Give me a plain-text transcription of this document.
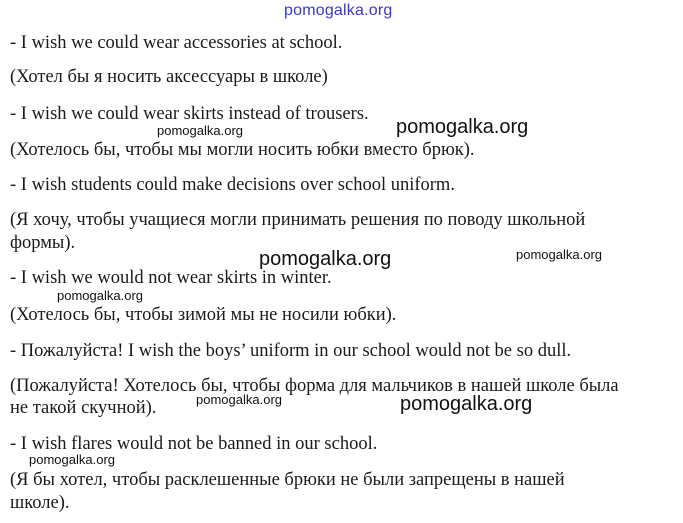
pomogalka.org
pomogalka.org	pomogalka.org
pomogalka.org	pomogalka.org
pomogalka.org
pomogalka.org	pomogalka.org
pomogalka.org
- I wish we could wear accessories at school.
(Хотел бы я носить аксессуары в школе)
- I wish we could wear skirts instead of trousers.
(Хотелось бы, чтобы мы могли носить юбки вместо брюк).
- I wish students could make decisions over school uniform.
(Я хочу, чтобы учащиеся могли принимать решения по поводу школьной
формы).
- I wish we would not wear skirts in winter.
(Хотелось бы, чтобы зимой мы не носили юбки).
- Пожалуйста! I wish the boys’ uniform in our school would not be so dull.
(Пожалуйста! Хотелось бы, чтобы форма для мальчиков в нашей школе была
не такой скучной).
- I wish flares would not be banned in our school.
(Я бы хотел, чтобы расклешенные брюки не были запрещены в нашей
школе).
